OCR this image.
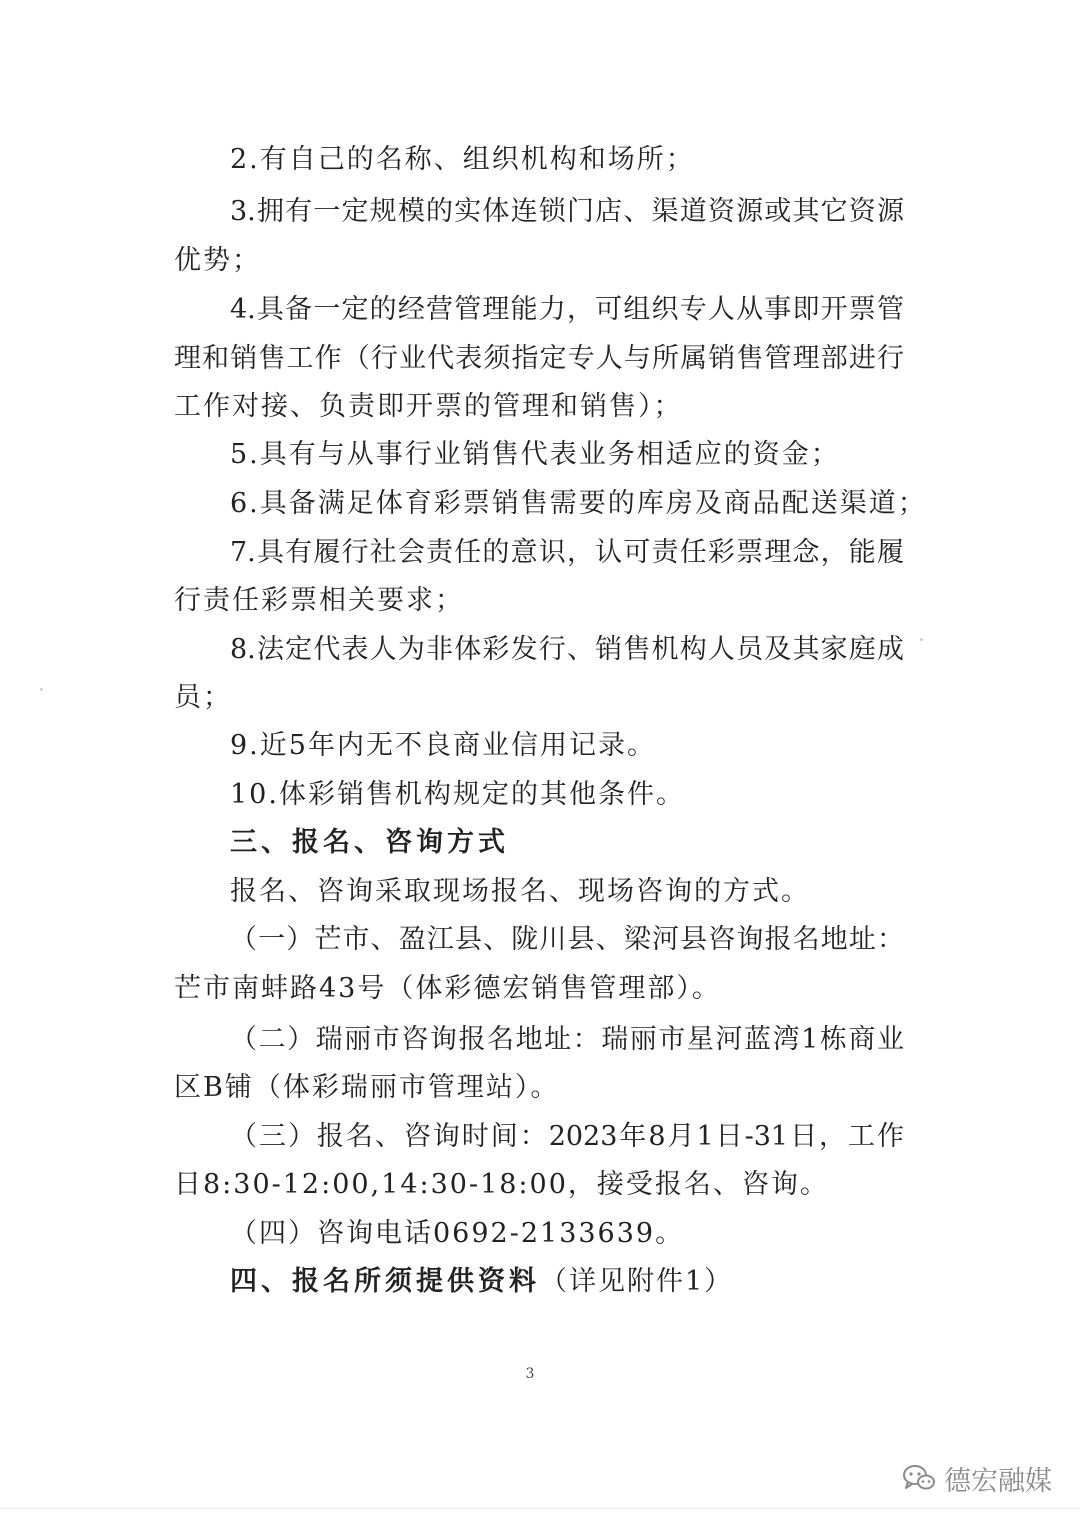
2.有自己的名称、组织机构和场所；
3.拥有一定规模的实体连锁门店、渠道资源或其它资源
优势；
4.具备一定的经营管理能力，可组织专人从事即开票管
理和销售工作（行业代表须指定专人与所属销售管理部进行
工作对接、负责即开票的管理和销售）；
5.具有与从事行业销售代表业务相适应的资金；
6.具备满足体育彩票销售需要的库房及商品配送渠道；
7.具有履行社会责任的意识，认可责任彩票理念，能履
行责任彩票相关要求；
8.法定代表人为非体彩发行、销售机构人员及其家庭成
员；
9.近5年内无不良商业信用记录。
10.体彩销售机构规定的其他条件。
三、报名、咨询方式
报名、咨询采取现场报名、现场咨询的方式。
（一）芒市、盈江县、陇川县、梁河县咨询报名地址：
芒市南蚌路43号（体彩德宏销售管理部）。
（二）瑞丽市咨询报名地址：瑞丽市星河蓝湾1栋商业
区B铺（体彩瑞丽市管理站）。
（三）报名、咨询时间：2023年8月1日-31日，工作
日8:30-12:00,14:30-18:00，接受报名、咨询。
（四）咨询电话0692-2133639。
四、报名所须提供资料（详见附件1）
3
德宏融媒
